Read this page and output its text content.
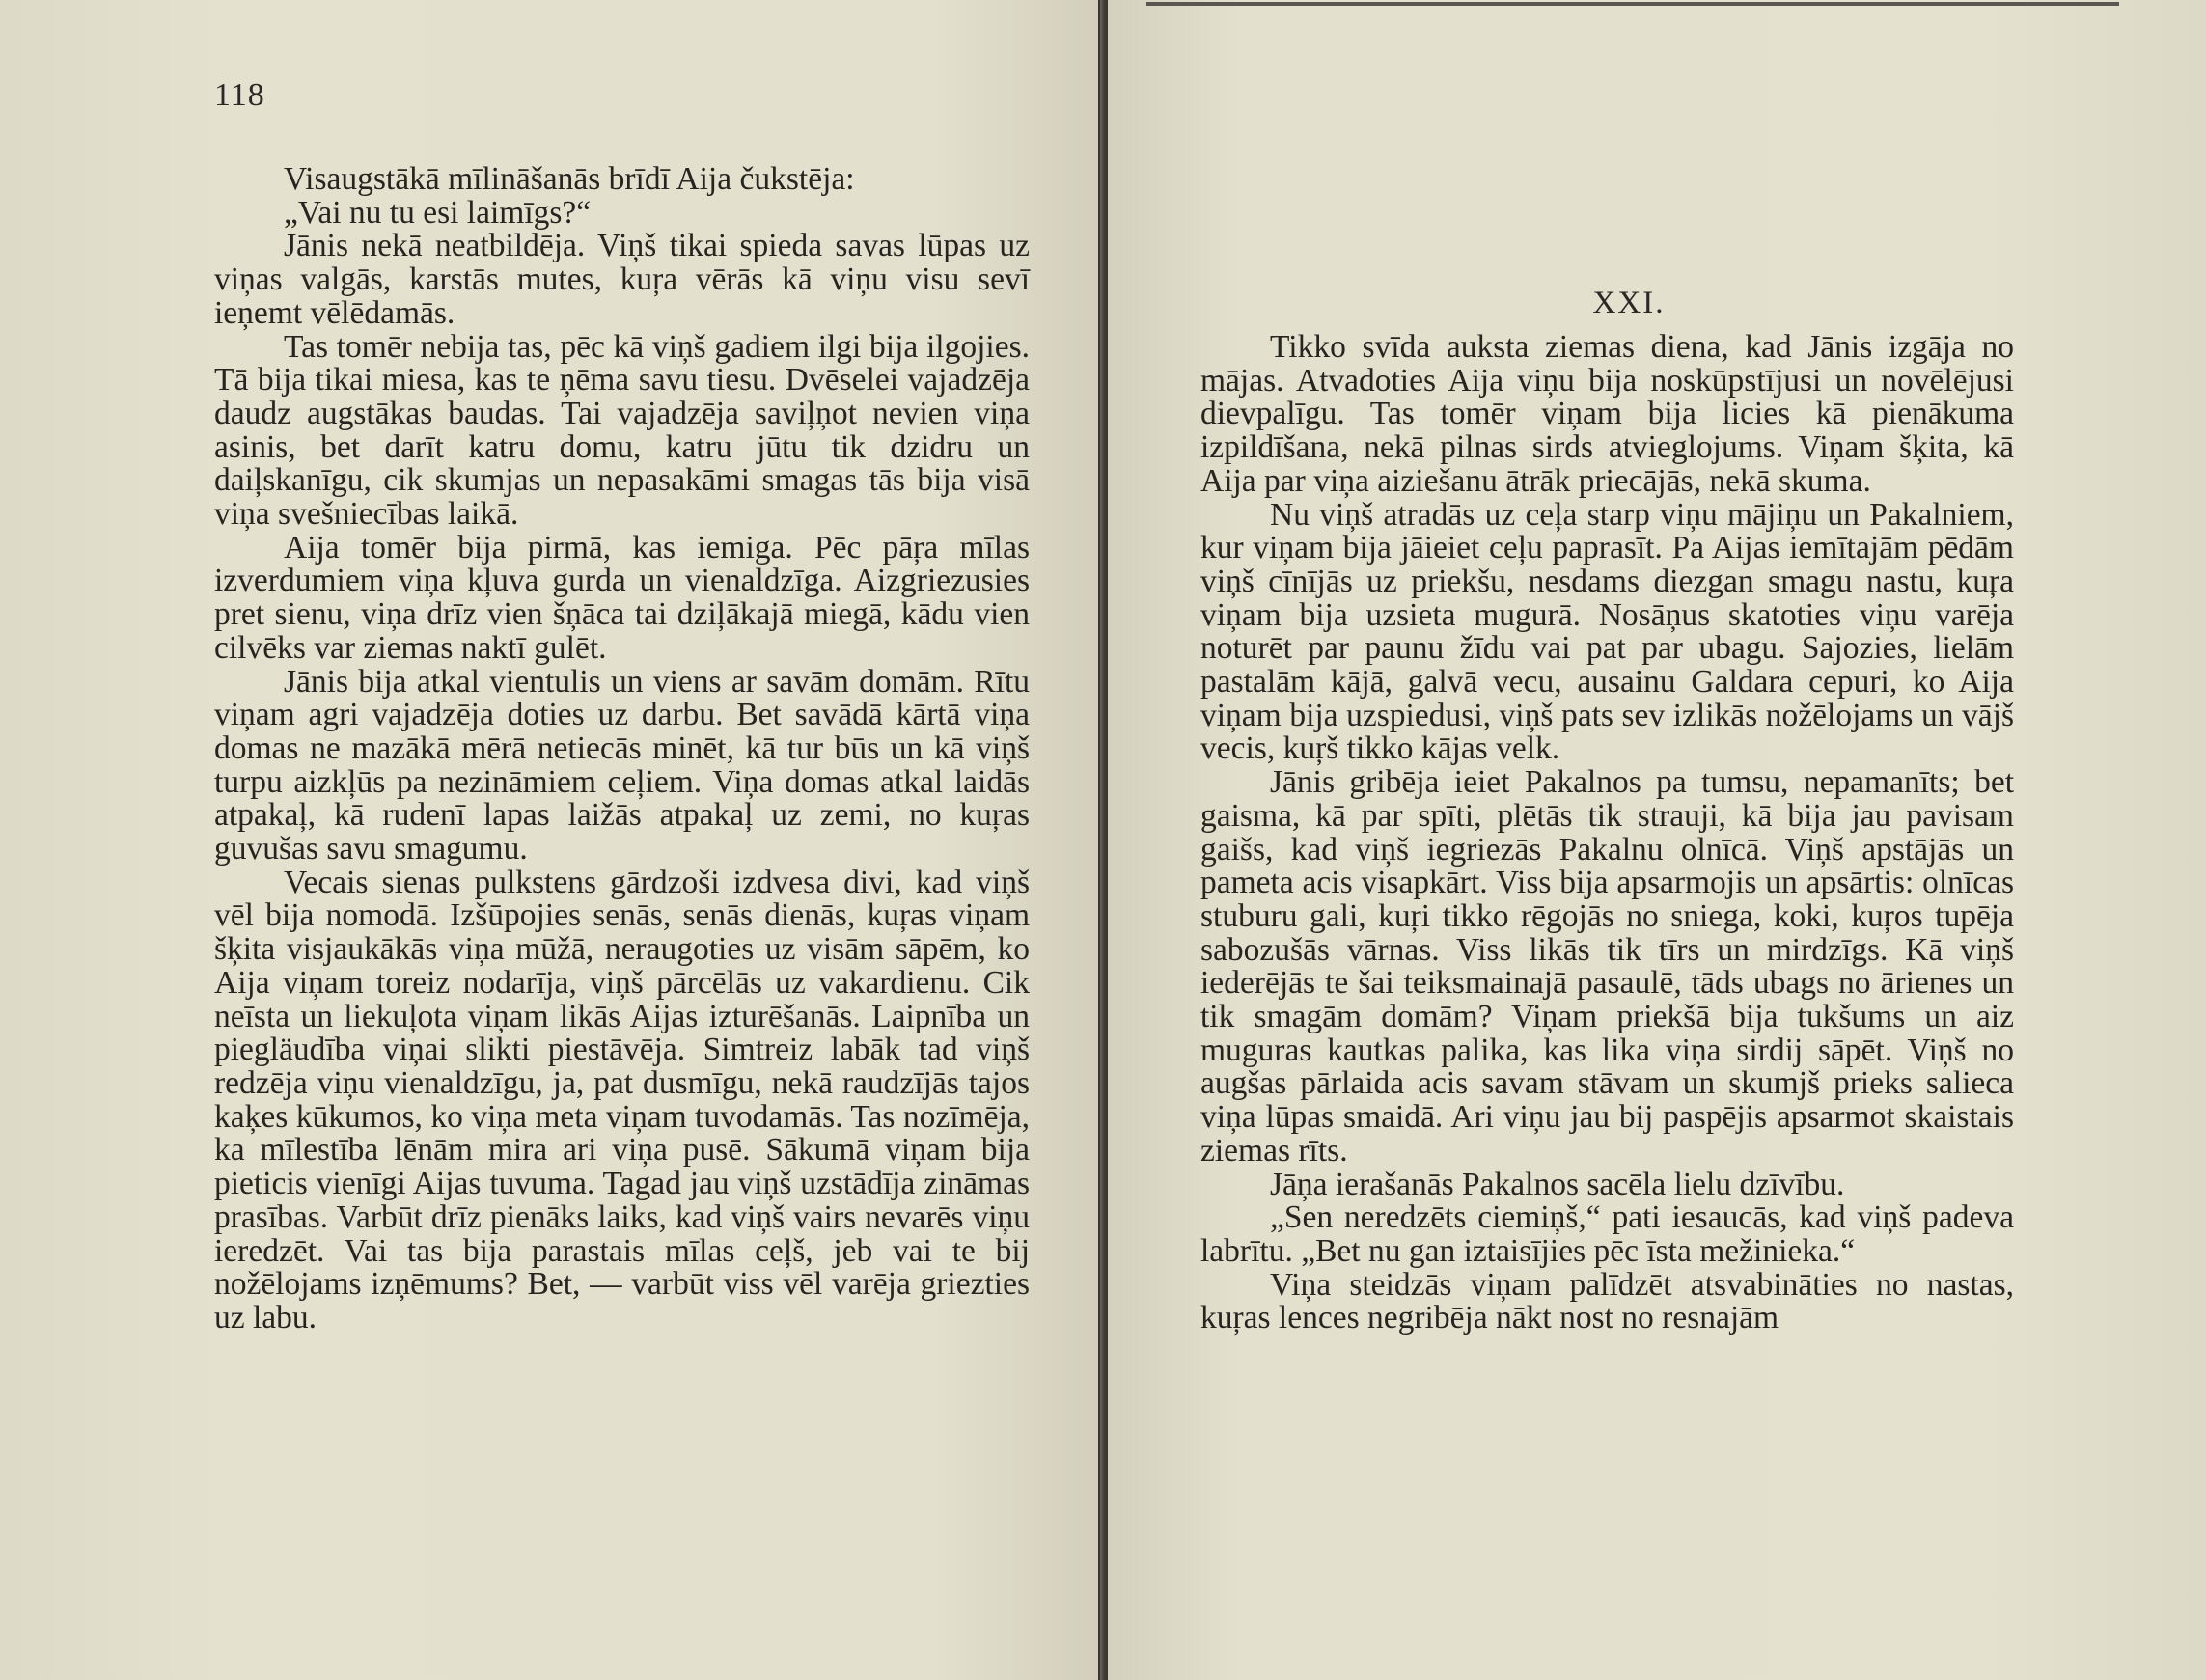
118

Visaugstākā mīlināšanās brīdī Aija čukstēja:

„Vai nu tu esi laimīgs?“

Jānis nekā neatbildēja. Viņš tikai spieda savas lūpas uz viņas valgās, karstās mutes, kuŗa vērās kā viņu visu sevī ieņemt vēlēdamās.

Tas tomēr nebija tas, pēc kā viņš gadiem ilgi bija ilgojies. Tā bija tikai miesa, kas te ņēma savu tiesu. Dvēselei vajadzēja daudz augstākas baudas. Tai vajadzēja saviļņot nevien viņa asinis, bet darīt katru domu, katru jūtu tik dzidru un daiļskanīgu, cik skumjas un nepasakāmi smagas tās bija visā viņa svešniecības laikā.

Aija tomēr bija pirmā, kas iemiga. Pēc pāŗa mīlas izverdumiem viņa kļuva gurda un vienaldzīga. Aizgriezusies pret sienu, viņa drīz vien šņāca tai dziļākajā miegā, kādu vien cilvēks var ziemas naktī gulēt.

Jānis bija atkal vientulis un viens ar savām domām. Rītu viņam agri vajadzēja doties uz darbu. Bet savādā kārtā viņa domas ne mazākā mērā netiecās minēt, kā tur būs un kā viņš turpu aizkļūs pa nezināmiem ceļiem. Viņa domas atkal laidās atpakaļ, kā rudenī lapas laižās atpakaļ uz zemi, no kuŗas guvušas savu smagumu.

Vecais sienas pulkstens gārdzoši izdvesa divi, kad viņš vēl bija nomodā. Izšūpojies senās, senās dienās, kuŗas viņam šķita visjaukākās viņa mūžā, neraugoties uz visām sāpēm, ko Aija viņam toreiz nodarīja, viņš pārcēlās uz vakardienu. Cik neīsta un liekuļota viņam likās Aijas izturēšanās. Laipnība un piegläudība viņai slikti piestāvēja. Simtreiz labāk tad viņš redzēja viņu vienaldzīgu, ja, pat dusmīgu, nekā raudzījās tajos kaķes kūkumos, ko viņa meta viņam tuvodamās. Tas nozīmēja, ka mīlestība lēnām mira ari viņa pusē. Sākumā viņam bija pieticis vienīgi Aijas tuvuma. Tagad jau viņš uzstādīja zināmas prasības. Varbūt drīz pienāks laiks, kad viņš vairs nevarēs viņu ieredzēt. Vai tas bija parastais mīlas ceļš, jeb vai te bij nožēlojams izņēmums? Bet, — varbūt viss vēl varēja griezties uz labu.

XXI.

Tikko svīda auksta ziemas diena, kad Jānis izgāja no mājas. Atvadoties Aija viņu bija noskūpstījusi un novēlējusi dievpalīgu. Tas tomēr viņam bija licies kā pienākuma izpildīšana, nekā pilnas sirds atvieglojums. Viņam šķita, kā Aija par viņa aiziešanu ātrāk priecājās, nekā skuma.

Nu viņš atradās uz ceļa starp viņu mājiņu un Pakalniem, kur viņam bija jāieiet ceļu paprasīt. Pa Aijas iemītajām pēdām viņš cīnījās uz priekšu, nesdams diezgan smagu nastu, kuŗa viņam bija uzsieta mugurā. Nosāņus skatoties viņu varēja noturēt par paunu žīdu vai pat par ubagu. Sajozies, lielām pastalām kājā, galvā vecu, ausainu Galdara cepuri, ko Aija viņam bija uzspiedusi, viņš pats sev izlikās nožēlojams un vājš vecis, kuŗš tikko kājas velk.

Jānis gribēja ieiet Pakalnos pa tumsu, nepamanīts; bet gaisma, kā par spīti, plētās tik strauji, kā bija jau pavisam gaišs, kad viņš iegriezās Pakalnu olnīcā. Viņš apstājās un pameta acis visapkārt. Viss bija apsarmojis un apsārtis: olnīcas stuburu gali, kuŗi tikko rēgojās no sniega, koki, kuŗos tupēja sabozušās vārnas. Viss likās tik tīrs un mirdzīgs. Kā viņš iederējās te šai teiksmainajā pasaulē, tāds ubags no ārienes un tik smagām domām? Viņam priekšā bija tukšums un aiz muguras kautkas palika, kas lika viņa sirdij sāpēt. Viņš no augšas pārlaida acis savam stāvam un skumjš prieks salieca viņa lūpas smaidā. Ari viņu jau bij paspējis apsarmot skaistais ziemas rīts.

Jāņa ierašanās Pakalnos sacēla lielu dzīvību.

„Sen neredzēts ciemiņš,“ pati iesaucās, kad viņš padeva labrītu. „Bet nu gan iztaisījies pēc īsta mežinieka.“

Viņa steidzās viņam palīdzēt atsvabināties no nastas, kuŗas lences negribēja nākt nost no resnajām
